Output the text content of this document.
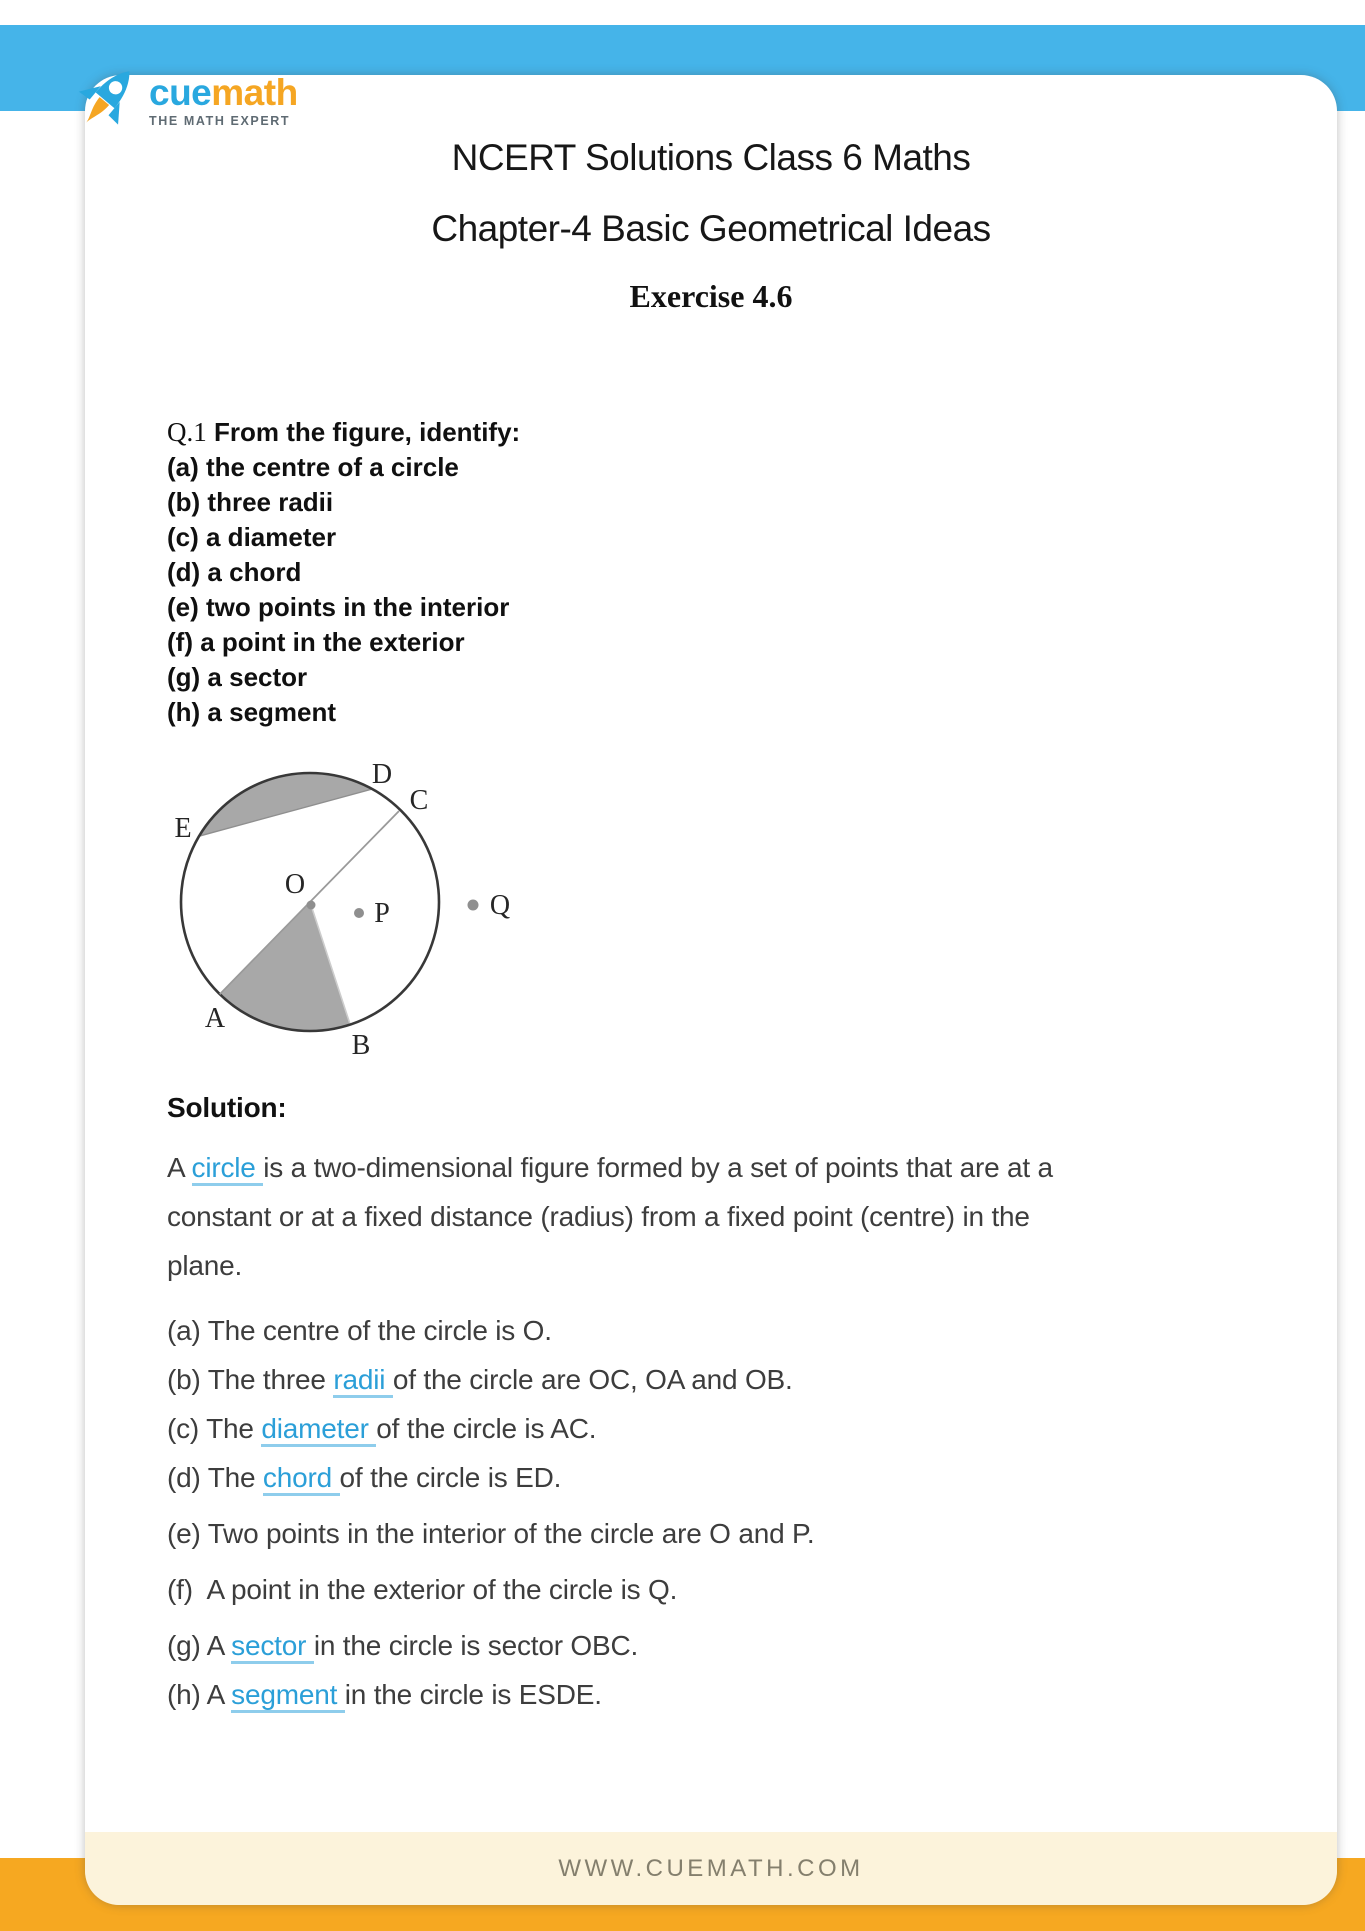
cuemath
THE MATH EXPERT
NCERT Solutions Class 6 Maths
Chapter-4 Basic Geometrical Ideas
Exercise 4.6
Q.1 From the figure, identify:
(a) the centre of a circle
(b) three radii
(c) a diameter
(d) a chord
(e) two points in the interior
(f) a point in the exterior
(g) a sector
(h) a segment
D
C
E
O
P	Q
A
B
Solution:
A circle is a two-dimensional figure formed by a set of points that are at a
constant or at a fixed distance (radius) from a fixed point (centre) in the
plane.
(a) The centre of the circle is O.
(b) The three radii of the circle are OC, OA and OB.
(c) The diameter of the circle is AC.
(d) The chord of the circle is ED.
(e) Two points in the interior of the circle are O and P.
(f)  A point in the exterior of the circle is Q.
(g) A sector in the circle is sector OBC.
(h) A segment in the circle is ESDE.
WWW.CUEMATH.COM
